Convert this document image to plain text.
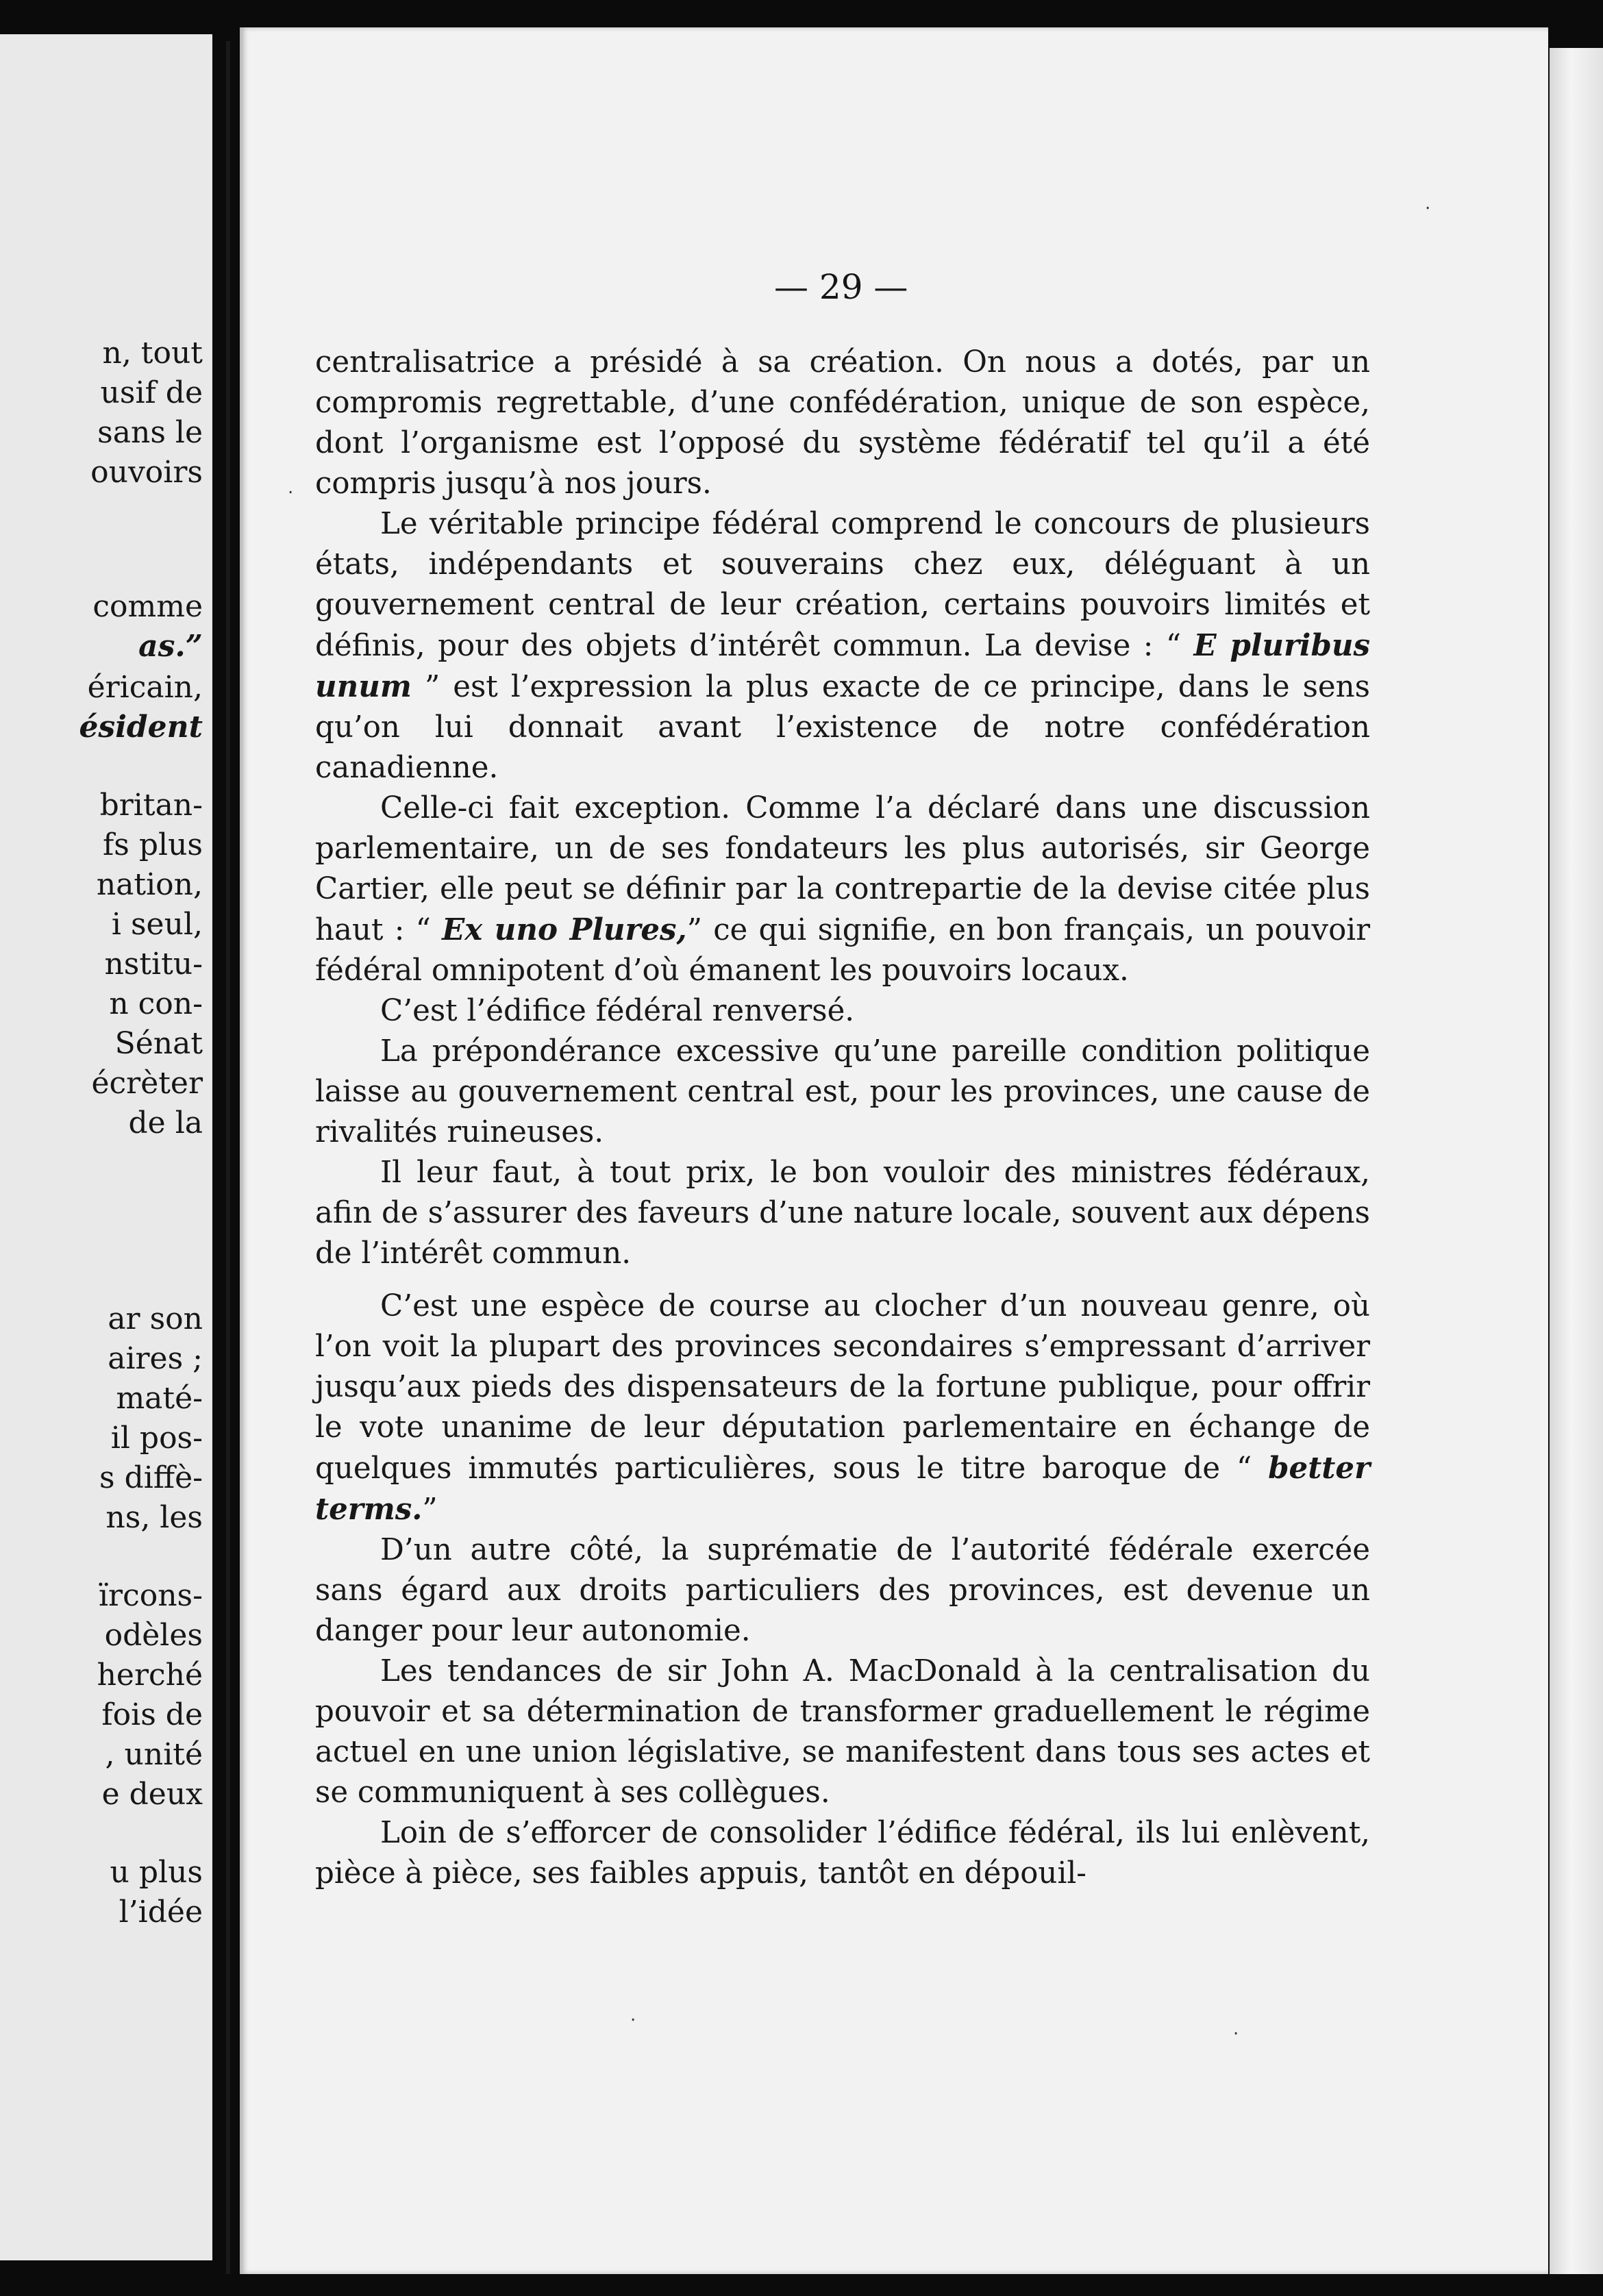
n, tout
usif de
sans le
ouvoirs
comme
as.”
éricain,
ésident
britan-
fs plus
nation,
i seul,
nstitu-
n con-
Sénat
écrèter
de la
ar son
aires ;
maté-
il pos-
s diffè-
ns, les
ïrcons-
odèles
herché
fois de
, unité
e deux
u plus
l’idée
— 29 —

centralisatrice a présidé à sa création. On nous a dotés, par un compromis regrettable, d’une confédération, unique de son espèce, dont l’organisme est l’opposé du système fédératif tel qu’il a été compris jusqu’à nos jours.

Le véritable principe fédéral comprend le concours de plusieurs états, indépendants et souverains chez eux, déléguant à un gouvernement central de leur création, certains pouvoirs limités et définis, pour des objets d’intérêt commun. La devise : “ E pluribus unum ” est l’expression la plus exacte de ce principe, dans le sens qu’on lui donnait avant l’existence de notre confédération canadienne.

Celle-ci fait exception. Comme l’a déclaré dans une discussion parlementaire, un de ses fondateurs les plus autorisés, sir George Cartier, elle peut se définir par la contrepartie de la devise citée plus haut : “ Ex uno Plures,” ce qui signifie, en bon français, un pouvoir fédéral omnipotent d’où émanent les pouvoirs locaux.

C’est l’édifice fédéral renversé.

La prépondérance excessive qu’une pareille condition politique laisse au gouvernement central est, pour les provinces, une cause de rivalités ruineuses.

Il leur faut, à tout prix, le bon vouloir des ministres fédéraux, afin de s’assurer des faveurs d’une nature locale, souvent aux dépens de l’intérêt commun.

C’est une espèce de course au clocher d’un nouveau genre, où l’on voit la plupart des provinces secondaires s’empressant d’arriver jusqu’aux pieds des dispensateurs de la fortune publique, pour offrir le vote unanime de leur députation parlementaire en échange de quelques immutés particulières, sous le titre baroque de “ better terms.”

D’un autre côté, la suprématie de l’autorité fédérale exercée sans égard aux droits particuliers des provinces, est devenue un danger pour leur autonomie.

Les tendances de sir John A. MacDonald à la centralisation du pouvoir et sa détermination de transformer graduellement le régime actuel en une union législative, se manifestent dans tous ses actes et se communiquent à ses collègues.

Loin de s’efforcer de consolider l’édifice fédéral, ils lui enlèvent, pièce à pièce, ses faibles appuis, tantôt en dépouil-

‧
‧
‧
‧
